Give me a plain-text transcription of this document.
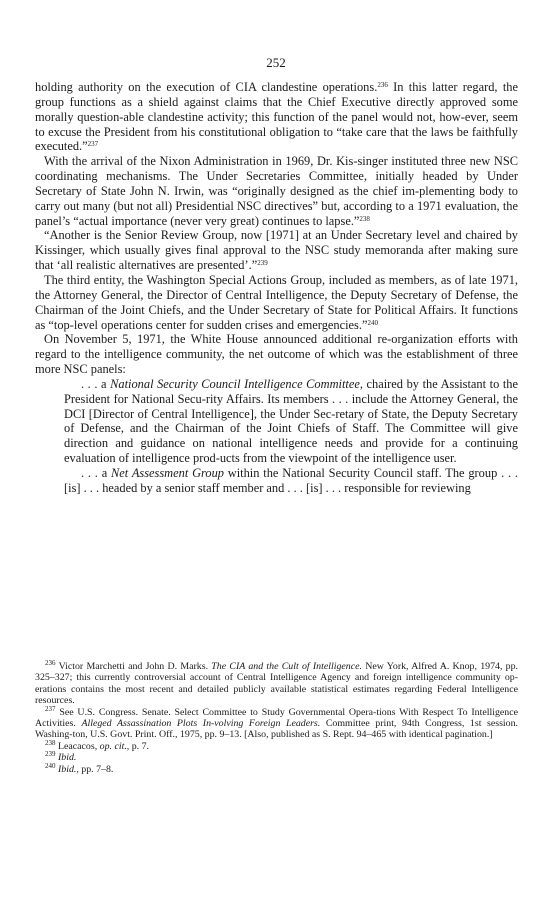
252

holding authority on the execution of CIA clandestine operations.$^{236}$ In this latter regard, the group functions as a shield against claims that the Chief Executive directly approved some morally question-able clandestine activity; this function of the panel would not, how-ever, seem to excuse the President from his constitutional obligation to “take care that the laws be faithfully executed.”$^{237}$

With the arrival of the Nixon Administration in 1969, Dr. Kis-singer instituted three new NSC coordinating mechanisms. The Under Secretaries Committee, initially headed by Under Secretary of State John N. Irwin, was “originally designed as the chief im-plementing body to carry out many (but not all) Presidential NSC directives” but, according to a 1971 evaluation, the panel’s “actual importance (never very great) continues to lapse.”$^{238}$

“Another is the Senior Review Group, now [1971] at an Under Secretary level and chaired by Kissinger, which usually gives final approval to the NSC study memoranda after making sure that ‘all realistic alternatives are presented’.”$^{239}$

The third entity, the Washington Special Actions Group, included as members, as of late 1971, the Attorney General, the Director of Central Intelligence, the Deputy Secretary of Defense, the Chairman of the Joint Chiefs, and the Under Secretary of State for Political Affairs. It functions as “top-level operations center for sudden crises and emergencies.”$^{240}$

On November 5, 1971, the White House announced additional re-organization efforts with regard to the intelligence community, the net outcome of which was the establishment of three more NSC panels:

. . . a National Security Council Intelligence Committee, chaired by the Assistant to the President for National Secu-rity Affairs. Its members . . . include the Attorney General, the DCI [Director of Central Intelligence], the Under Sec-retary of State, the Deputy Secretary of Defense, and the Chairman of the Joint Chiefs of Staff. The Committee will give direction and guidance on national intelligence needs and provide for a continuing evaluation of intelligence prod-ucts from the viewpoint of the intelligence user.

. . . a Net Assessment Group within the National Security Council staff. The group . . . [is] . . . headed by a senior staff member and . . . [is] . . . responsible for reviewing

$^{236}$ Victor Marchetti and John D. Marks. The CIA and the Cult of Intelligence. New York, Alfred A. Knop, 1974, pp. 325–327; this currently controversial account of Central Intelligence Agency and foreign intelligence community op-erations contains the most recent and detailed publicly available statistical estimates regarding Federal Intelligence resources.

$^{237}$ See U.S. Congress. Senate. Select Committee to Study Governmental Opera-tions With Respect To Intelligence Activities. Alleged Assassination Plots In-volving Foreign Leaders. Committee print, 94th Congress, 1st session. Washing-ton, U.S. Govt. Print. Off., 1975, pp. 9–13. [Also, published as S. Rept. 94–465 with identical pagination.]

$^{238}$ Leacacos, op. cit., p. 7.

$^{239}$ Ibid.

$^{240}$ Ibid., pp. 7–8.
